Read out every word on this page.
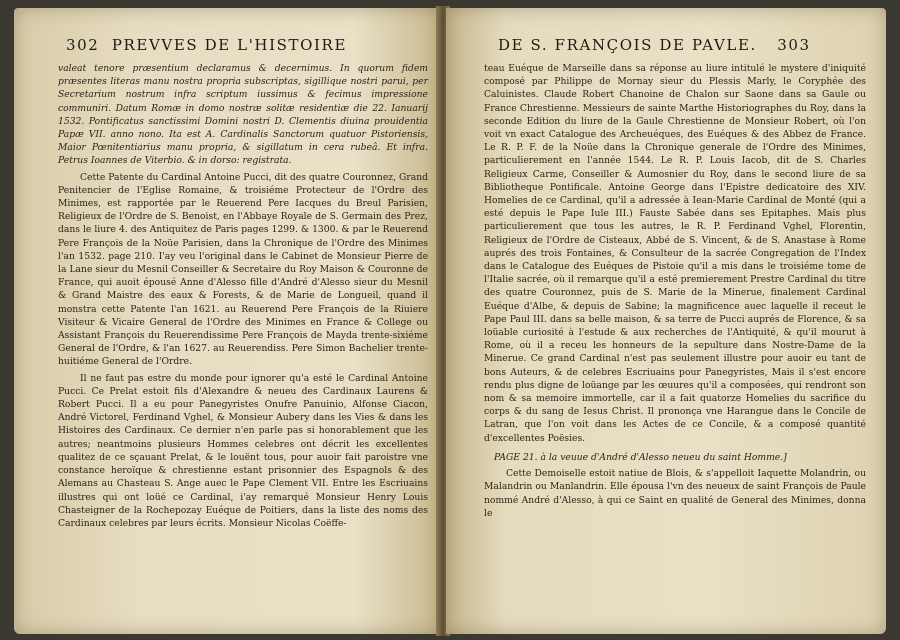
302 PREVVES DE L'HISTOIRE

valeat tenore præsentium declaramus & decernimus. In quorum fidem præsentes literas manu nostra propria subscriptas, sigillique nostri parui, per Secretarium nostrum infra scriptum iussimus & fecimus impressione communiri. Datum Romæ in domo nostræ solitæ residentiæ die 22. Ianuarij 1532. Pontificatus sanctissimi Domini nostri D. Clementis diuina prouidentia Papæ VII. anno nono. Ita est A. Cardinalis Sanctorum quatuor Pistoriensis, Maior Pœnitentiarius manu propria, & sigillatum in cera rubeâ. Et infra. Petrus Ioannes de Viterbio. & in dorso: registrata.

Cette Patente du Cardinal Antoine Pucci, dit des quatre Couronnez, Grand Penitencier de l'Eglise Romaine, & troisiéme Protecteur de l'Ordre des Minimes, est rapportée par le Reuerend Pere Iacques du Breul Parisien, Religieux de l'Ordre de S. Benoist, en l'Abbaye Royale de S. Germain des Prez, dans le liure 4. des Antiquitez de Paris pages 1299. & 1300. & par le Reuerend Pere François de la Noüe Parisien, dans la Chronique de l'Ordre des Minimes l'an 1532. page 210. I'ay veu l'original dans le Cabinet de Monsieur Pierre de la Lane sieur du Mesnil Conseiller & Secretaire du Roy Maison & Couronne de France, qui auoit épousé Anne d'Alesso fille d'André d'Alesso sieur du Mesnil & Grand Maistre des eaux & Forests, & de Marie de Longueil, quand il monstra cette Patente l'an 1621. au Reuerend Pere François de la Riuiere Visiteur & Vicaire General de l'Ordre des Minimes en France & College ou Assistant François du Reuerendissime Pere François de Mayda trente-sixiéme General de l'Ordre, & l'an 1627. au Reuerendiss. Pere Simon Bachelier trente-huitiéme General de l'Ordre.

Il ne faut pas estre du monde pour ignorer qu'a esté le Cardinal Antoine Pucci. Ce Prelat estoit fils d'Alexandre & neueu des Cardinaux Laurens & Robert Pucci. Il a eu pour Panegyristes Onufre Panuinio, Alfonse Ciacon, André Victorel, Ferdinand Vghel, & Monsieur Aubery dans les Vies & dans les Histoires des Cardinaux. Ce dernier n'en parle pas si honorablement que les autres; neantmoins plusieurs Hommes celebres ont décrit les excellentes qualitez de ce sçauant Prelat, & le louënt tous, pour auoir fait paroistre vne constance heroïque & chrestienne estant prisonnier des Espagnols & des Alemans au Chasteau S. Ange auec le Pape Clement VII. Entre les Escriuains illustres qui ont loüé ce Cardinal, i'ay remarqué Monsieur Henry Louis Chasteigner de la Rochepozay Euéque de Poitiers, dans la liste des noms des Cardinaux celebres par leurs écrits. Monsieur Nicolas Coëffe-

DE S. FRANÇOIS DE PAVLE. 303

teau Euéque de Marseille dans sa réponse au liure intitulé le mystere d'iniquité composé par Philippe de Mornay sieur du Plessis Marly, le Coryphée des Caluinistes. Claude Robert Chanoine de Chalon sur Saone dans sa Gaule ou France Chrestienne. Messieurs de sainte Marthe Historiographes du Roy, dans la seconde Edition du liure de la Gaule Chrestienne de Monsieur Robert, où l'on voit vn exact Catalogue des Archeuéques, des Euéques & des Abbez de France. Le R. P. F. de la Noüe dans la Chronique generale de l'Ordre des Minimes, particulierement en l'année 1544. Le R. P. Louis Iacob, dit de S. Charles Religieux Carme, Conseiller & Aumosnier du Roy, dans le second liure de sa Bibliotheque Pontificale. Antoine George dans l'Epistre dedicatoire des XIV. Homelies de ce Cardinal, qu'il a adressée à Iean-Marie Cardinal de Monté (qui a esté depuis le Pape Iule III.) Fauste Sabée dans ses Epitaphes. Mais plus particulierement que tous les autres, le R. P. Ferdinand Vghel, Florentin, Religieux de l'Ordre de Cisteaux, Abbé de S. Vincent, & de S. Anastase à Rome auprés des trois Fontaines, & Consulteur de la sacrée Congregation de l'Index dans le Catalogue des Euéques de Pistoie qu'il a mis dans le troisiéme tome de l'Italie sacrée, où il remarque qu'il a esté premierement Prestre Cardinal du titre des quatre Couronnez, puis de S. Marie de la Minerue, finalement Cardinal Euéque d'Albe, & depuis de Sabine; la magnificence auec laquelle il receut le Pape Paul III. dans sa belle maison, & sa terre de Pucci auprés de Florence, & sa loüable curiosité à l'estude & aux recherches de l'Antiquité, & qu'il mourut à Rome, où il a receu les honneurs de la sepulture dans Nostre-Dame de la Minerue. Ce grand Cardinal n'est pas seulement illustre pour auoir eu tant de bons Auteurs, & de celebres Escriuains pour Panegyristes, Mais il s'est encore rendu plus digne de loüange par les œuures qu'il a composées, qui rendront son nom & sa memoire immortelle, car il a fait quatorze Homelies du sacrifice du corps & du sang de Iesus Christ. Il prononça vne Harangue dans le Concile de Latran, que l'on voit dans les Actes de ce Concile, & a composé quantité d'excellentes Poësies.

PAGE 21. à la veuue d'André d'Alesso neueu du saint Homme.]

Cette Demoiselle estoit natiue de Blois, & s'appelloit Iaquette Molandrin, ou Malandrin ou Manlandrin. Elle épousa l'vn des neueux de saint François de Paule nommé André d'Alesso, à qui ce Saint en qualité de General des Minimes, donna le
